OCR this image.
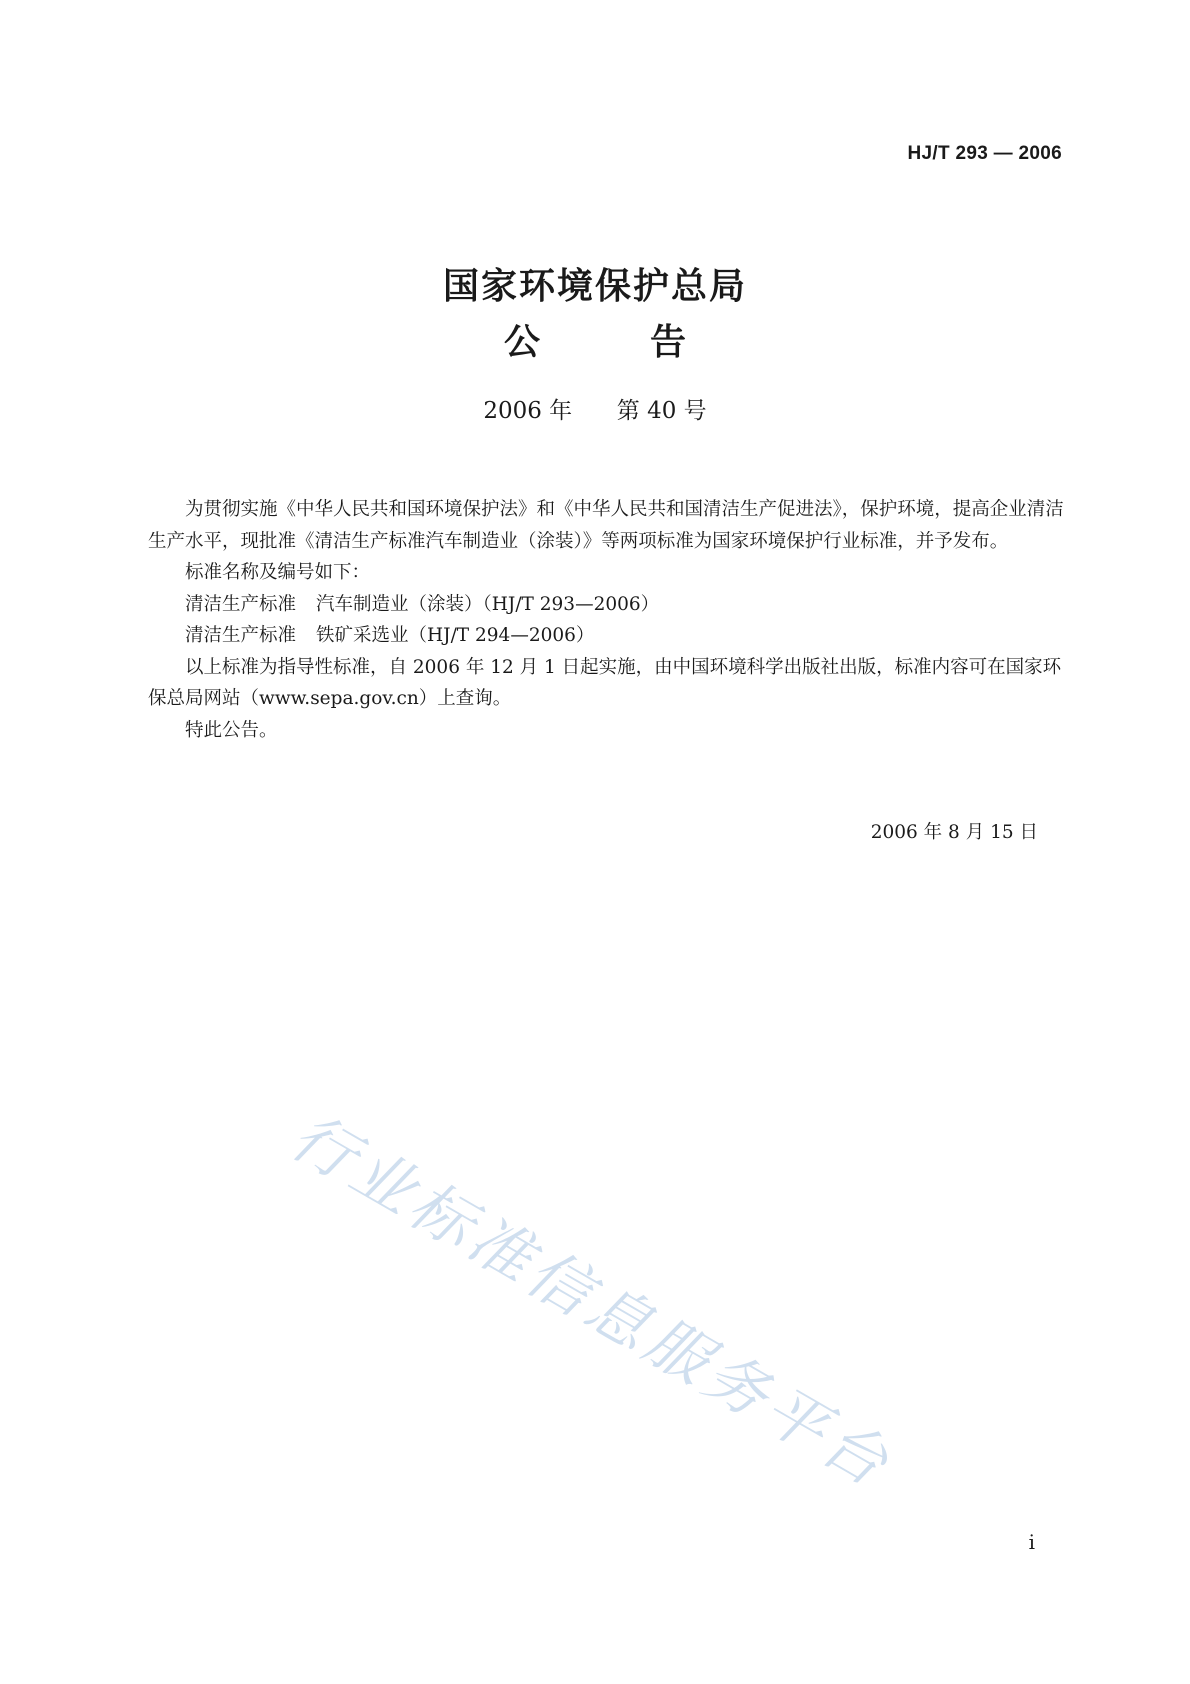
HJ/T 293 — 2006
国家环境保护总局
公告
2006 年 第 40 号

为贯彻实施《中华人民共和国环境保护法》和《中华人民共和国清洁生产促进法》，保护环境，提高企业清洁生产水平，现批准《清洁生产标准汽车制造业（涂装）》等两项标准为国家环境保护行业标准，并予发布。

标准名称及编号如下：

清洁生产标准 汽车制造业（涂装）（HJ/T 293—2006）

清洁生产标准 铁矿采选业（HJ/T 294—2006）

以上标准为指导性标准，自 2006 年 12 月 1 日起实施，由中国环境科学出版社出版，标准内容可在国家环保总局网站（www.sepa.gov.cn）上查询。

特此公告。

2006 年 8 月 15 日
行业标准信息服务平台
i
